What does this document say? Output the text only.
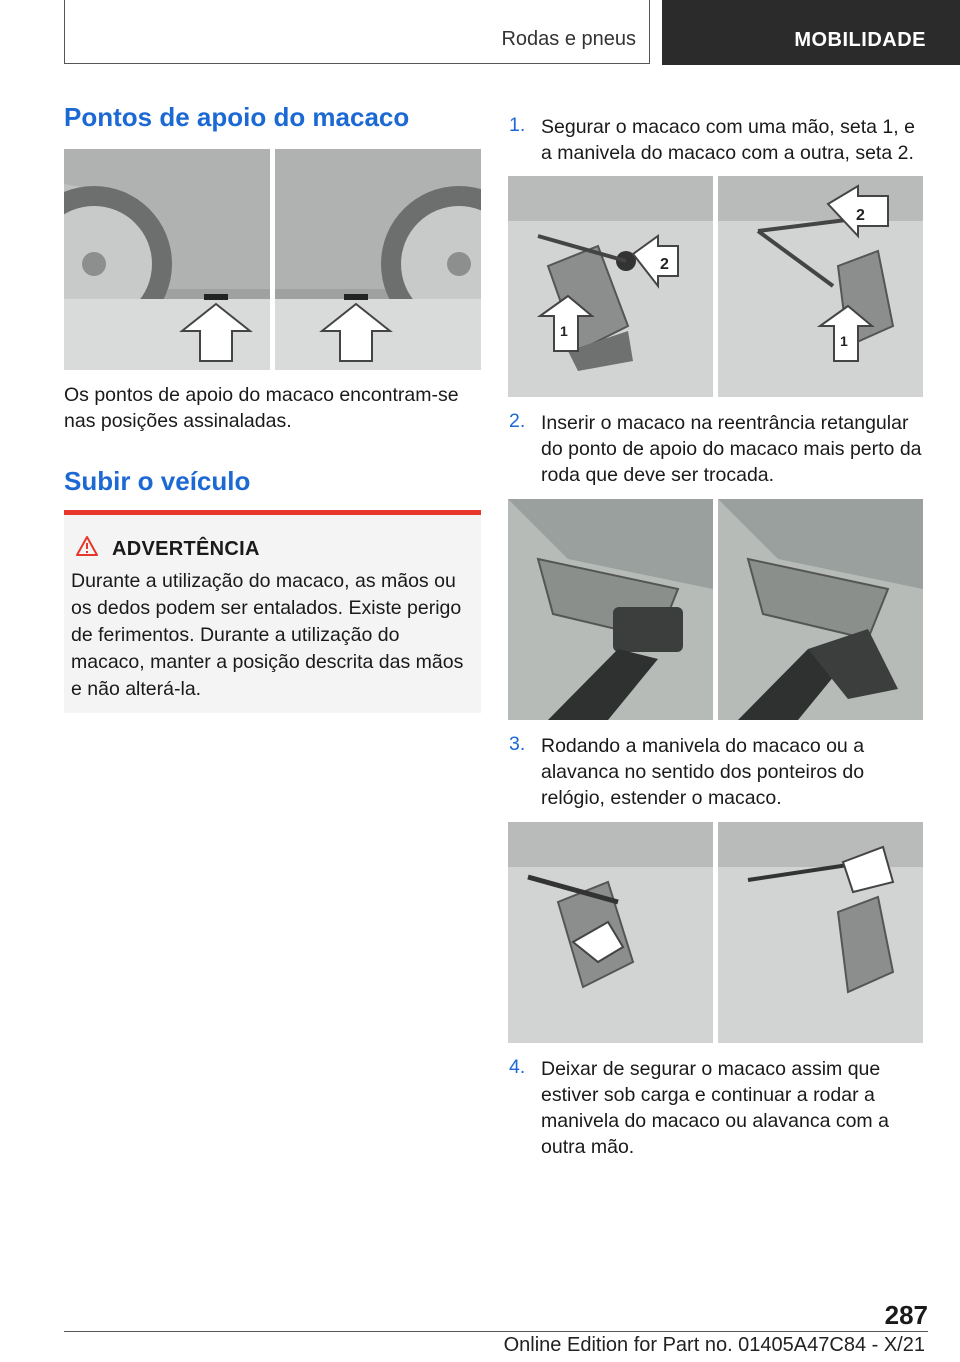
Rodas e pneus	MOBILIDADE
Pontos de apoio do macaco
Os pontos de apoio do macaco encontram-se nas posições assinaladas.
Subir o veículo
ADVERTÊNCIA
Durante a utilização do macaco, as mãos ou os dedos podem ser entalados. Existe perigo de ferimentos. Durante a utilização do macaco, manter a posição descrita das mãos e não alterá-la.
1. Segurar o macaco com uma mão, seta 1, e a manivela do macaco com a outra, seta 2.
2
1
2
1
2. Inserir o macaco na reentrância retangular do ponto de apoio do macaco mais perto da roda que deve ser trocada.
3. Rodando a manivela do macaco ou a alavanca no sentido dos ponteiros do relógio, estender o macaco.
4. Deixar de segurar o macaco assim que estiver sob carga e continuar a rodar a manivela do macaco ou alavanca com a outra mão.
287
Online Edition for Part no. 01405A47C84 - X/21
